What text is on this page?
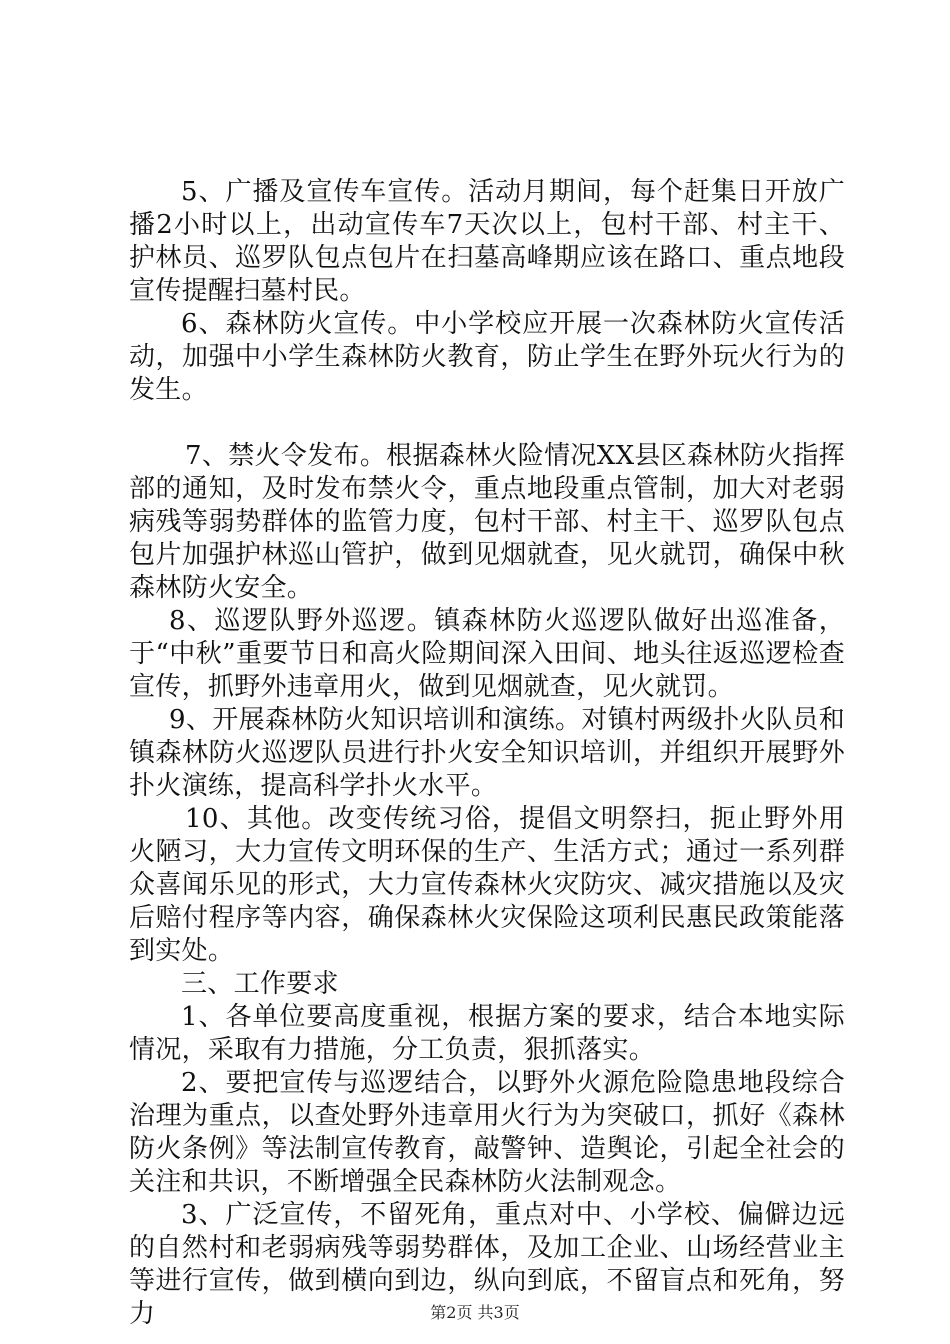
5、广播及宣传车宣传。活动月期间，每个赶集日开放广播2小时以上，出动宣传车7天次以上，包村干部、村主干、护林员、巡罗队包点包片在扫墓高峰期应该在路口、重点地段宣传提醒扫墓村民。

6、森林防火宣传。中小学校应开展一次森林防火宣传活动，加强中小学生森林防火教育，防止学生在野外玩火行为的发生。

7、禁火令发布。根据森林火险情况XX县区森林防火指挥部的通知，及时发布禁火令，重点地段重点管制，加大对老弱病残等弱势群体的监管力度，包村干部、村主干、巡罗队包点包片加强护林巡山管护，做到见烟就查，见火就罚，确保中秋森林防火安全。

8、巡逻队野外巡逻。镇森林防火巡逻队做好出巡准备，于“中秋”重要节日和高火险期间深入田间、地头往返巡逻检查宣传，抓野外违章用火，做到见烟就查，见火就罚。

9、开展森林防火知识培训和演练。对镇村两级扑火队员和镇森林防火巡逻队员进行扑火安全知识培训，并组织开展野外扑火演练，提高科学扑火水平。

10、其他。改变传统习俗，提倡文明祭扫，扼止野外用火陋习，大力宣传文明环保的生产、生活方式；通过一系列群众喜闻乐见的形式，大力宣传森林火灾防灾、减灾措施以及灾后赔付程序等内容，确保森林火灾保险这项利民惠民政策能落到实处。

三、工作要求

1、各单位要高度重视，根据方案的要求，结合本地实际情况，采取有力措施，分工负责，狠抓落实。

2、要把宣传与巡逻结合，以野外火源危险隐患地段综合治理为重点，以查处野外违章用火行为为突破口，抓好《森林防火条例》等法制宣传教育，敲警钟、造舆论，引起全社会的关注和共识，不断增强全民森林防火法制观念。

3、广泛宣传，不留死角，重点对中、小学校、偏僻边远的自然村和老弱病残等弱势群体，及加工企业、山场经营业主等进行宣传，做到横向到边，纵向到底，不留盲点和死角，努力	第2页 共3页
